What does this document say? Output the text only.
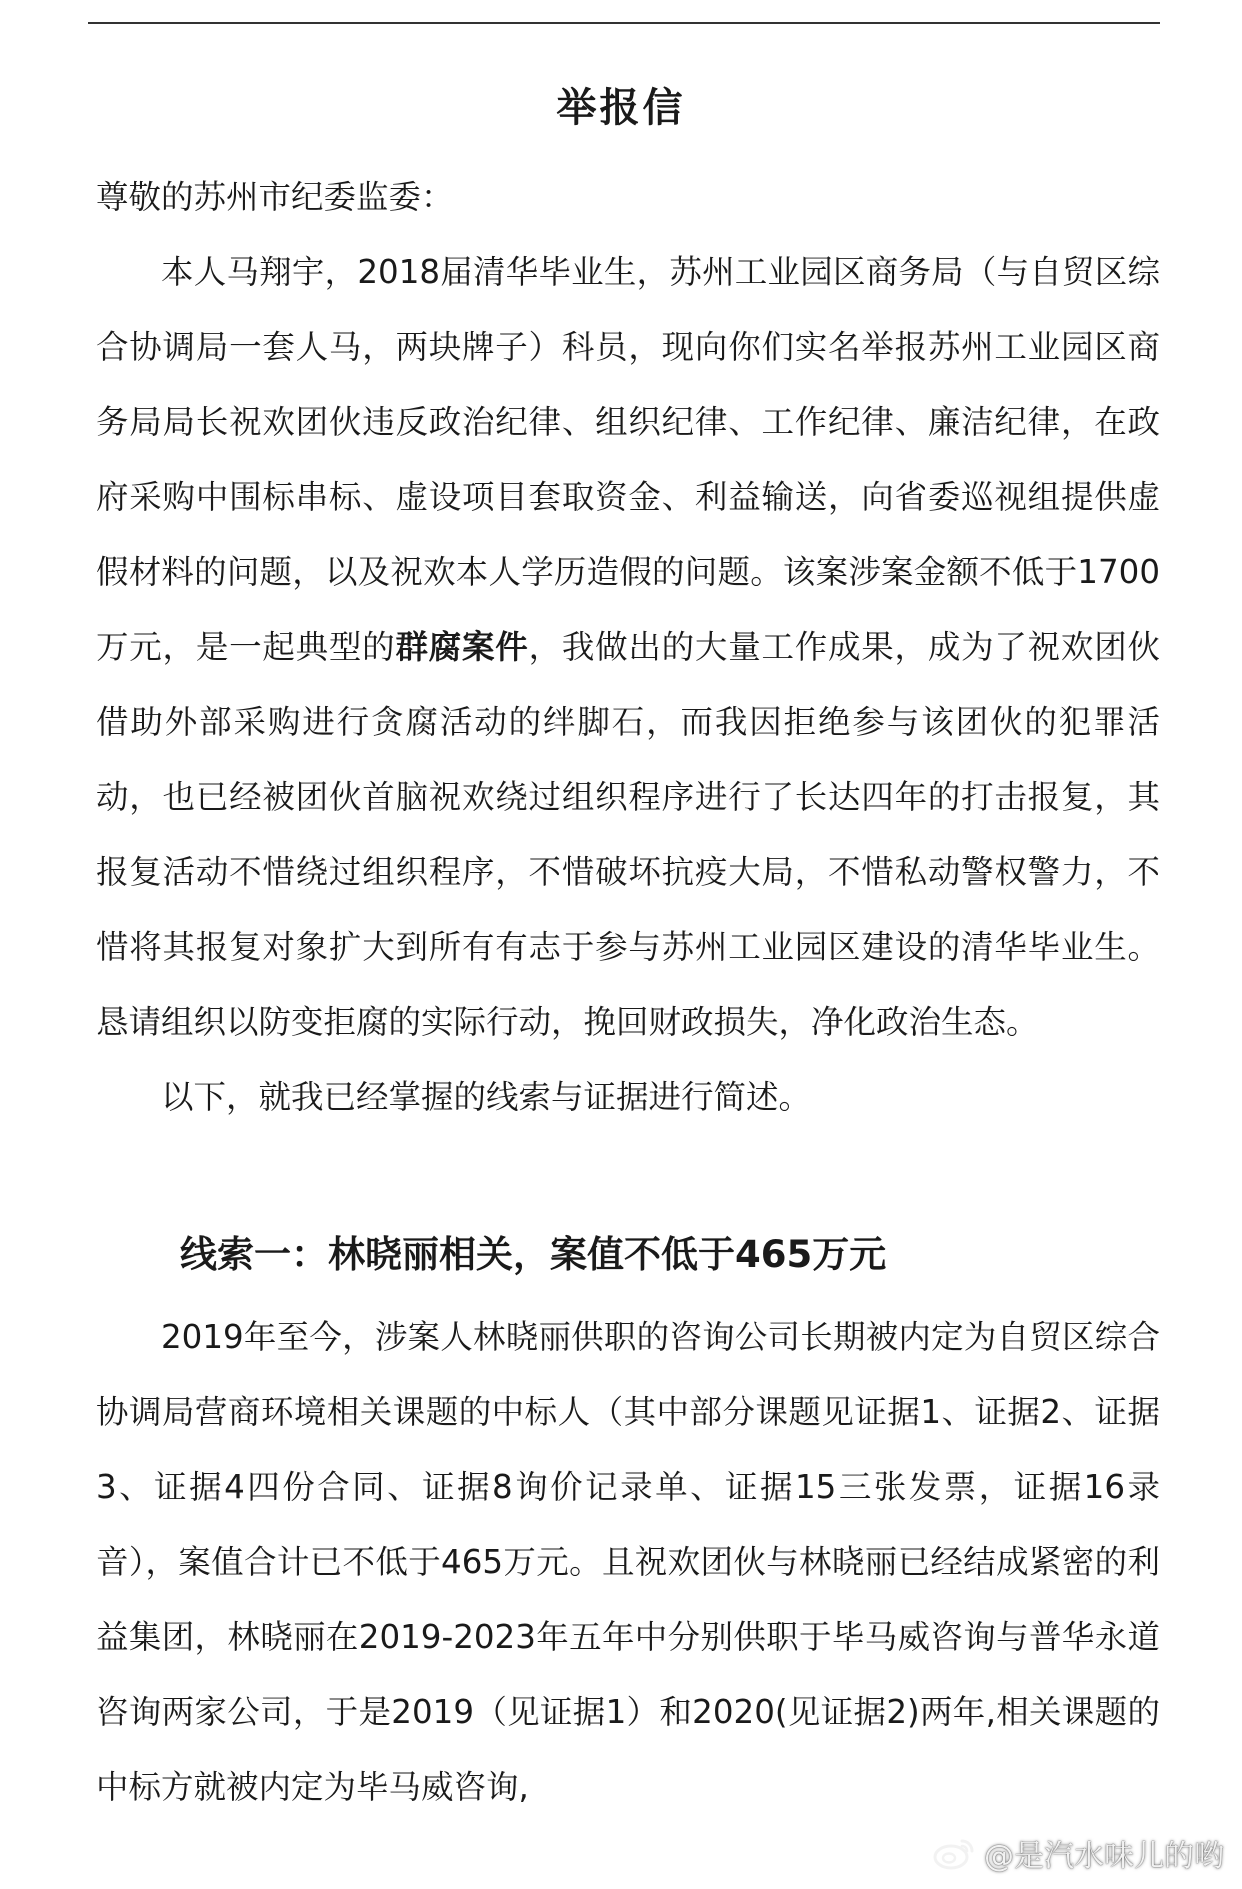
举报信

尊敬的苏州市纪委监委：

本人马翔宇，2018届清华毕业生，苏州工业园区商务局（与自贸区综合协调局一套人马，两块牌子）科员，现向你们实名举报苏州工业园区商务局局长祝欢团伙违反政治纪律、组织纪律、工作纪律、廉洁纪律，在政府采购中围标串标、虚设项目套取资金、利益输送，向省委巡视组提供虚假材料的问题，以及祝欢本人学历造假的问题。该案涉案金额不低于1700万元，是一起典型的群腐案件，我做出的大量工作成果，成为了祝欢团伙借助外部采购进行贪腐活动的绊脚石，而我因拒绝参与该团伙的犯罪活动，也已经被团伙首脑祝欢绕过组织程序进行了长达四年的打击报复，其报复活动不惜绕过组织程序，不惜破坏抗疫大局，不惜私动警权警力，不惜将其报复对象扩大到所有有志于参与苏州工业园区建设的清华毕业生。恳请组织以防变拒腐的实际行动，挽回财政损失，净化政治生态。

以下，就我已经掌握的线索与证据进行简述。

线索一：林晓丽相关，案值不低于465万元

2019年至今，涉案人林晓丽供职的咨询公司长期被内定为自贸区综合协调局营商环境相关课题的中标人（其中部分课题见证据1、证据2、证据3、证据4四份合同、证据8询价记录单、证据15三张发票，证据16录音），案值合计已不低于465万元。且祝欢团伙与林晓丽已经结成紧密的利益集团，林晓丽在2019-2023年五年中分别供职于毕马威咨询与普华永道咨询两家公司，于是2019（见证据1）和2020(见证据2)两年,相关课题的中标方就被内定为毕马威咨询,

@是汽水味儿的哟
